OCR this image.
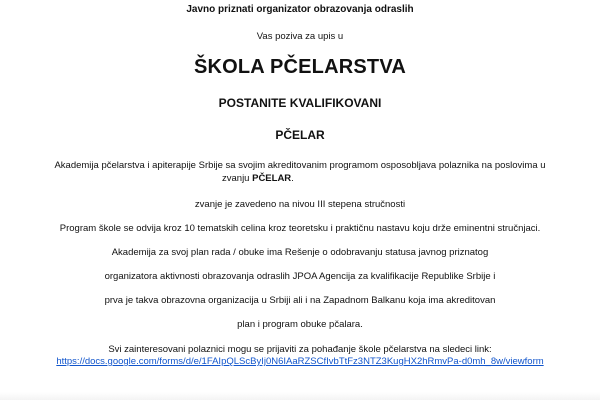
Javno priznati organizator obrazovanja odraslih
Vas poziva za upis u
ŠKOLA PČELARSTVA
POSTANITE KVALIFIKOVANI
PČELAR
Akademija pčelarstva i apiterapije Srbije sa svojim akreditovanim programom osposobljava polaznika na poslovima u
zvanju PČELAR.
zvanje je zavedeno na nivou III stepena stručnosti
Program škole se odvija kroz 10 tematskih celina kroz teoretsku i praktičnu nastavu koju drže eminentni stručnjaci.
Akademija za svoj plan rada / obuke ima Rešenje o odobravanju statusa javnog priznatog
organizatora aktivnosti obrazovanja odraslih JPOA Agencija za kvalifikacije Republike Srbije i
prva je takva obrazovna organizacija u Srbiji ali i na Zapadnom Balkanu koja ima akreditovan
plan i program obuke pčalara.
Svi zainteresovani polaznici mogu se prijaviti za pohađanje škole pčelarstva na sledeci link:
https://docs.google.com/forms/d/e/1FAIpQLScByIj0N6IAaRZSCfIvbTtFz3NTZ3KugHX2hRmvPa-d0mh_8w/viewform
